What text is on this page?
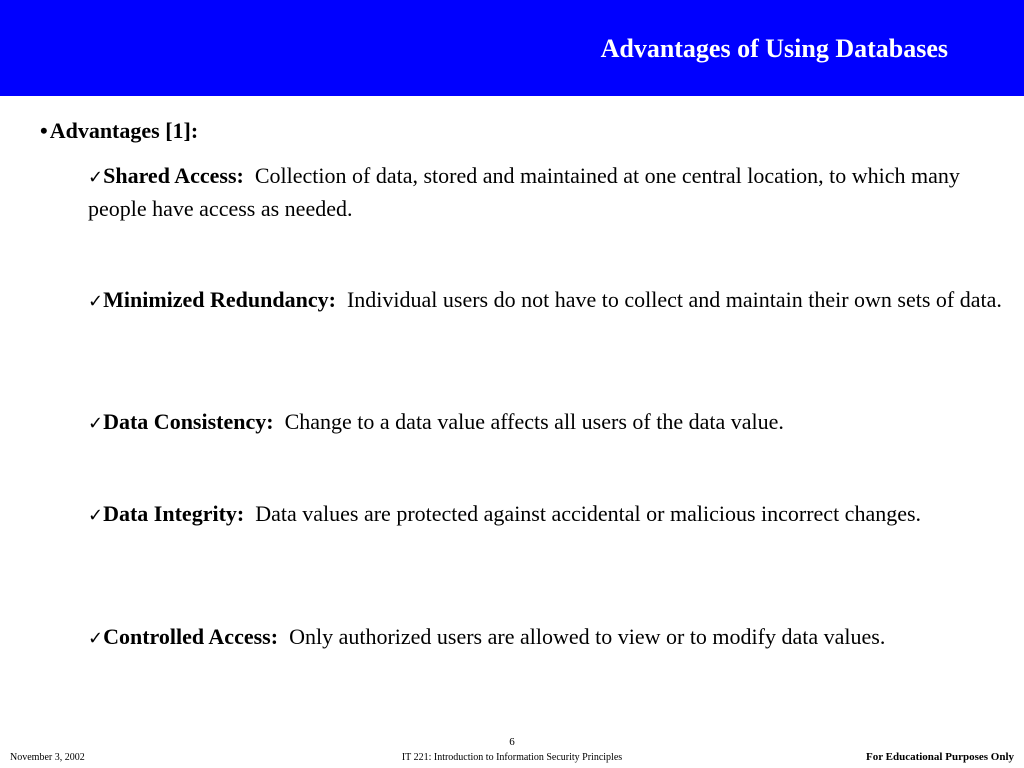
Advantages of Using Databases
•Advantages [1]:
✓Shared Access: Collection of data, stored and maintained at one central location, to which many people have access as needed.
✓Minimized Redundancy: Individual users do not have to collect and maintain their own sets of data.
✓Data Consistency: Change to a data value affects all users of the data value.
✓Data Integrity: Data values are protected against accidental or malicious incorrect changes.
✓Controlled Access: Only authorized users are allowed to view or to modify data values.
6
November 3, 2002	IT 221: Introduction to Information Security Principles	For Educational Purposes Only
